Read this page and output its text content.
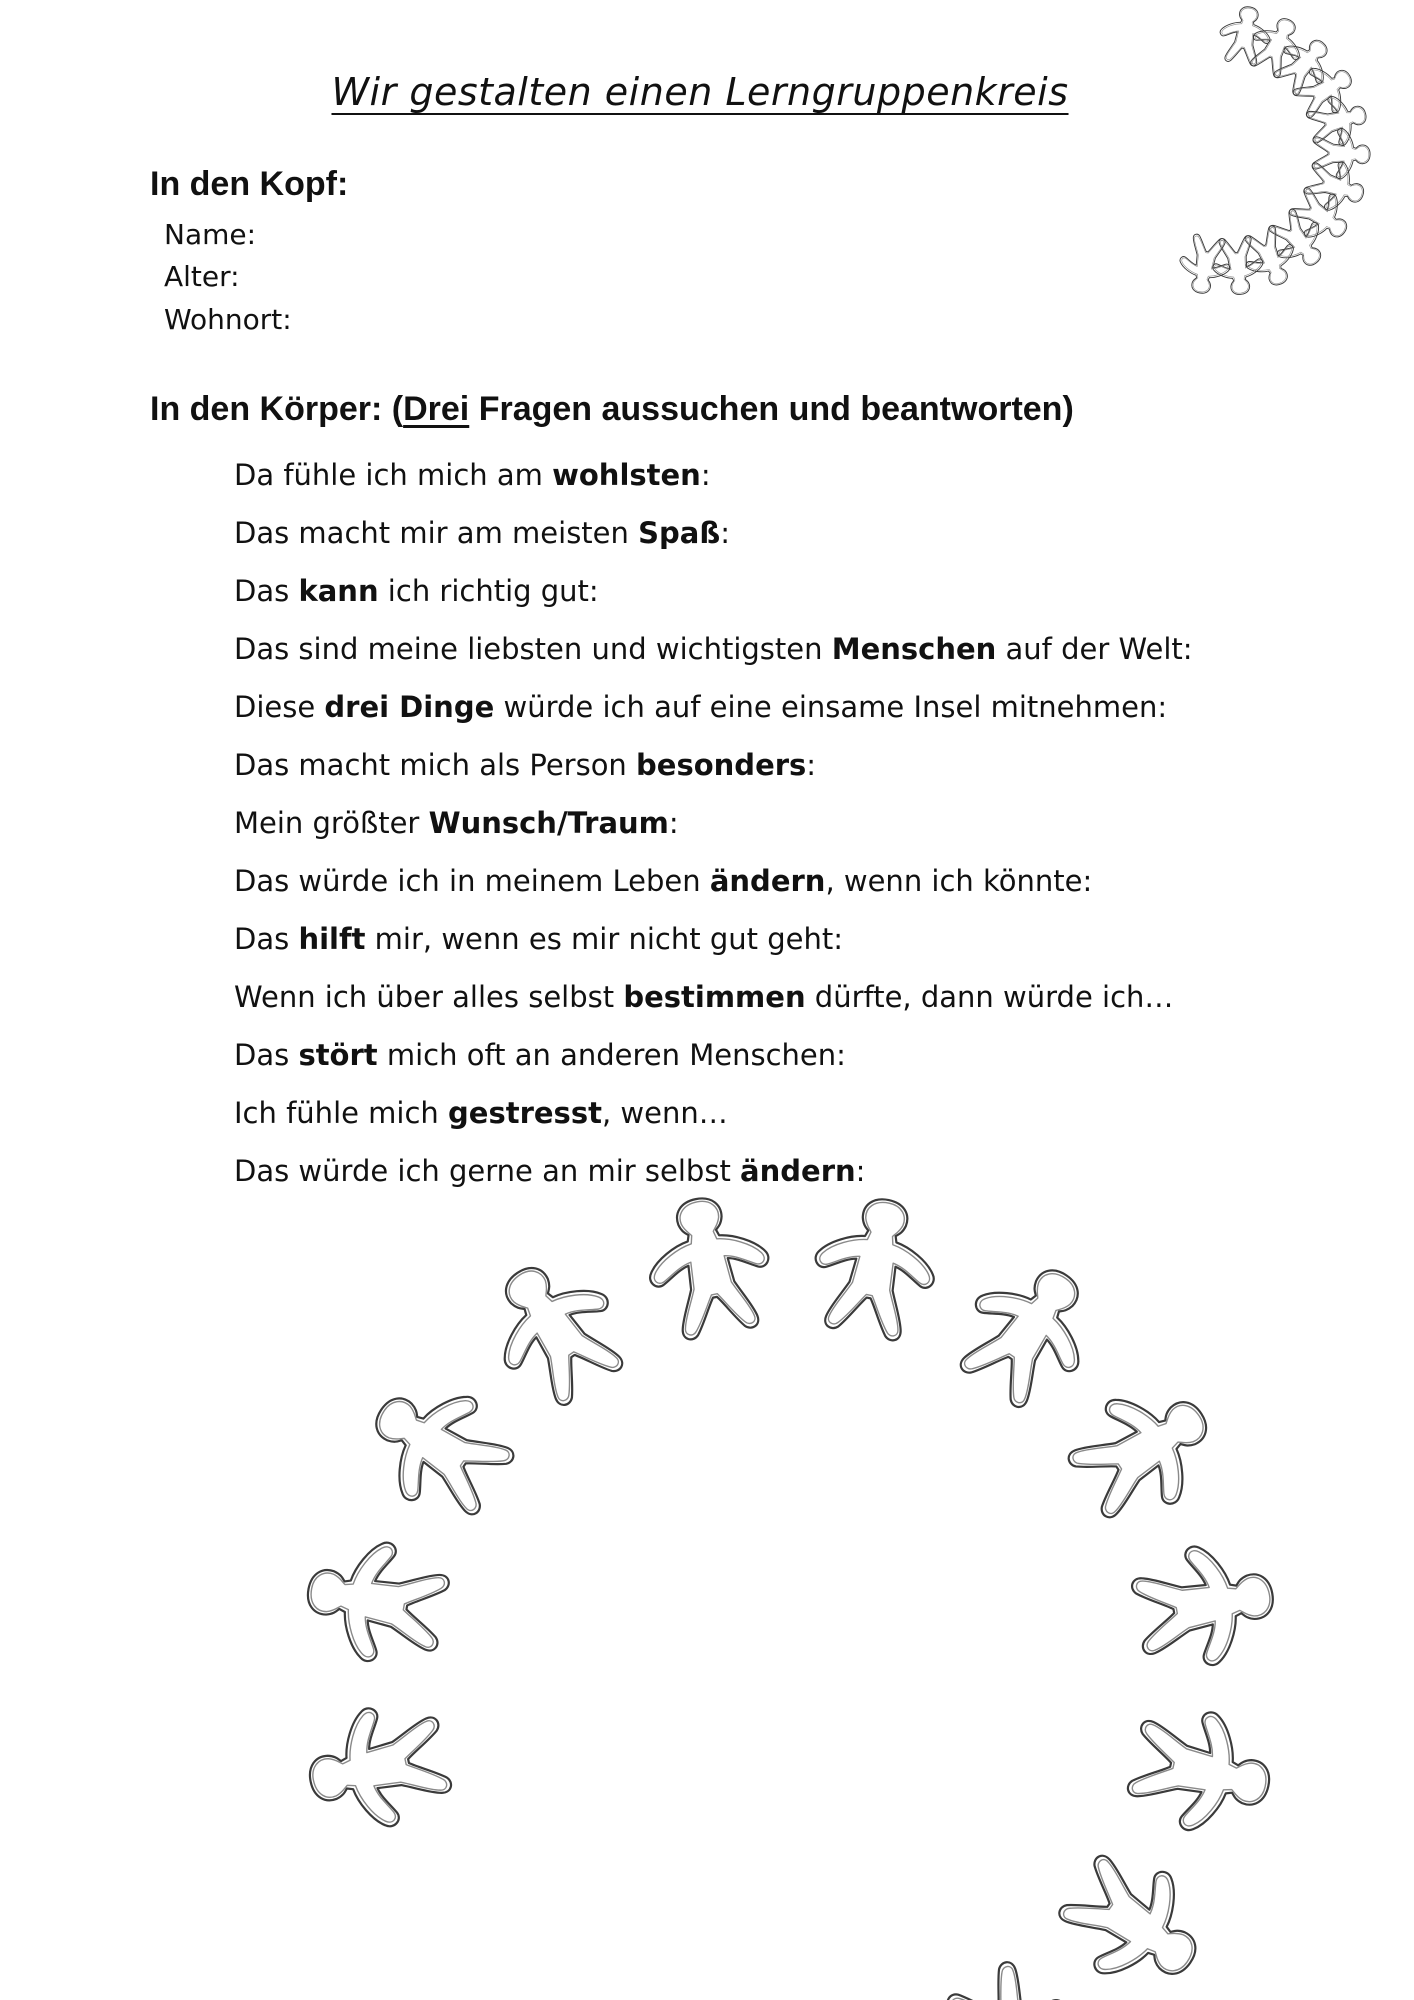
Wir gestalten einen Lerngruppenkreis
In den Kopf:
Name:
Alter:
Wohnort:
In den Körper: (Drei Fragen aussuchen und beantworten)
Da fühle ich mich am wohlsten:
Das macht mir am meisten Spaß:
Das kann ich richtig gut:
Das sind meine liebsten und wichtigsten Menschen auf der Welt:
Diese drei Dinge würde ich auf eine einsame Insel mitnehmen:
Das macht mich als Person besonders:
Mein größter Wunsch/Traum:
Das würde ich in meinem Leben ändern, wenn ich könnte:
Das hilft mir, wenn es mir nicht gut geht:
Wenn ich über alles selbst bestimmen dürfte, dann würde ich…
Das stört mich oft an anderen Menschen:
Ich fühle mich gestresst, wenn…
Das würde ich gerne an mir selbst ändern:
